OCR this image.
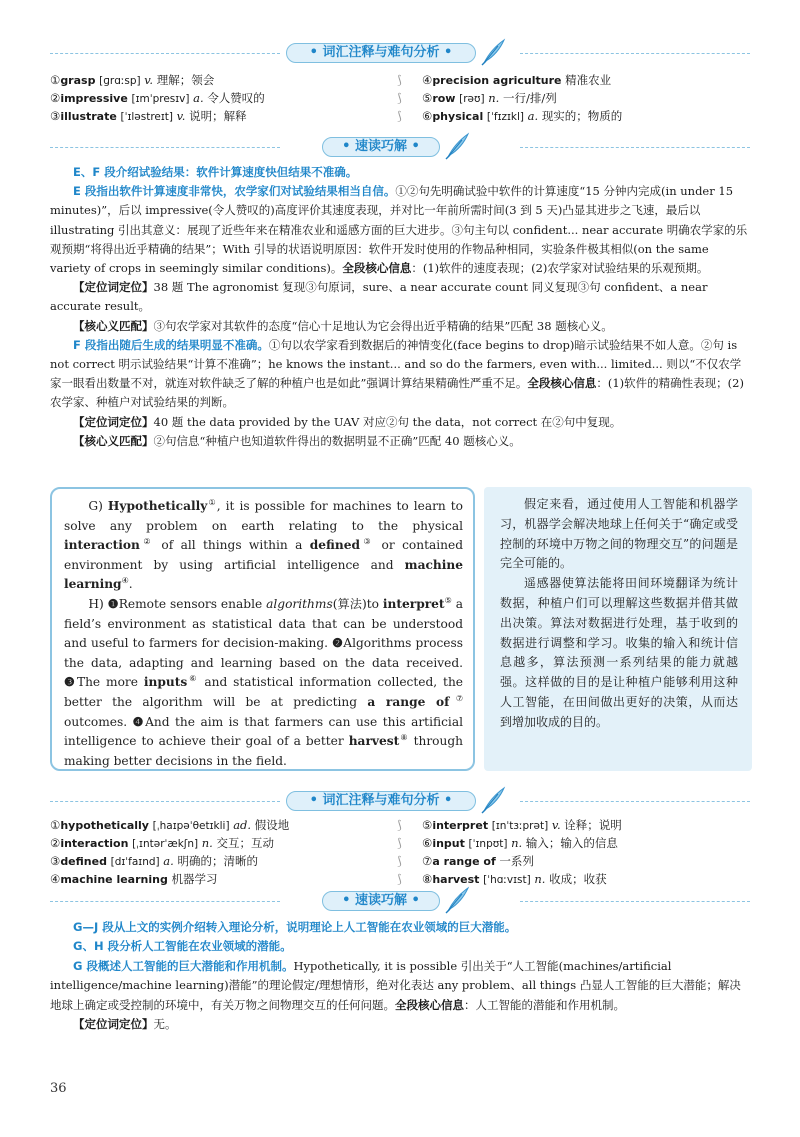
• 词汇注释与难句分析 •
①grasp [ɡrɑːsp] v. 理解；领会	⟆ ④precision agriculture 精准农业
②impressive [ɪmˈpresɪv] a. 令人赞叹的	⟆ ⑤row [rəʊ] n. 一行/排/列
③illustrate [ˈɪləstreɪt] v. 说明；解释	⟆ ⑥physical [ˈfɪzɪkl] a. 现实的；物质的
• 速读巧解 •

E、F 段介绍试验结果：软件计算速度快但结果不准确。

E 段指出软件计算速度非常快，农学家们对试验结果相当自信。①②句先明确试验中软件的计算速度“15 分钟内完成(in under 15 minutes)”，后以 impressive(令人赞叹的)高度评价其速度表现，并对比一年前所需时间(3 到 5 天)凸显其进步之飞速，最后以 illustrating 引出其意义：展现了近些年来在精准农业和遥感方面的巨大进步。③句主句以 confident... near accurate 明确农学家的乐观预期“将得出近乎精确的结果”；With 引导的状语说明原因：软件开发时使用的作物品种相同，实验条件极其相似(on the same variety of crops in seemingly similar conditions)。全段核心信息：(1)软件的速度表现；(2)农学家对试验结果的乐观预期。

【定位词定位】38 题 The agronomist 复现③句原词，sure、a near accurate count 同义复现③句 confident、a near accurate result。

【核心义匹配】③句农学家对其软件的态度“信心十足地认为它会得出近乎精确的结果”匹配 38 题核心义。

F 段指出随后生成的结果明显不准确。①句以农学家看到数据后的神情变化(face begins to drop)暗示试验结果不如人意。②句 is not correct 明示试验结果“计算不准确”；he knows the instant... and so do the farmers, even with... limited... 则以“不仅农学家一眼看出数量不对，就连对软件缺乏了解的种植户也是如此”强调计算结果精确性严重不足。全段核心信息：(1)软件的精确性表现；(2)农学家、种植户对试验结果的判断。

【定位词定位】40 题 the data provided by the UAV 对应②句 the data，not correct 在②句中复现。

【核心义匹配】②句信息“种植户也知道软件得出的数据明显不正确”匹配 40 题核心义。

G) Hypothetically①, it is possible for machines to learn to solve any problem on earth relating to the physical interaction② of all things within a defined③ or contained environment by using artificial intelligence and machine learning④.

H) ❶Remote sensors enable algorithms(算法)to interpret⑤ a field’s environment as statistical data that can be understood and useful to farmers for decision-making. ❷Algorithms process the data, adapting and learning based on the data received. ❸The more inputs⑥ and statistical information collected, the better the algorithm will be at predicting a range of⑦ outcomes. ❹And the aim is that farmers can use this artificial intelligence to achieve their goal of a better harvest⑧ through making better decisions in the field.

假定来看，通过使用人工智能和机器学习，机器学会解决地球上任何关于“确定或受控制的环境中万物之间的物理交互”的问题是完全可能的。

遥感器使算法能将田间环境翻译为统计数据，种植户们可以理解这些数据并借其做出决策。算法对数据进行处理，基于收到的数据进行调整和学习。收集的输入和统计信息越多，算法预测一系列结果的能力就越强。这样做的目的是让种植户能够利用这种人工智能，在田间做出更好的决策，从而达到增加收成的目的。

• 词汇注释与难句分析 •
①hypothetically [ˌhaɪpəˈθetɪkli] ad. 假设地	⟆ ⑤interpret [ɪnˈtɜːprət] v. 诠释；说明
②interaction [ˌɪntərˈækʃn] n. 交互；互动	⟆ ⑥input [ˈɪnpʊt] n. 输入；输入的信息
③defined [dɪˈfaɪnd] a. 明确的；清晰的	⟆ ⑦a range of 一系列
④machine learning 机器学习	⟆ ⑧harvest [ˈhɑːvɪst] n. 收成；收获
• 速读巧解 •

G—J 段从上文的实例介绍转入理论分析，说明理论上人工智能在农业领域的巨大潜能。

G、H 段分析人工智能在农业领域的潜能。

G 段概述人工智能的巨大潜能和作用机制。Hypothetically, it is possible 引出关于“人工智能(machines/artificial intelligence/machine learning)潜能”的理论假定/理想情形，绝对化表达 any problem、all things 凸显人工智能的巨大潜能；解决地球上确定或受控制的环境中，有关万物之间物理交互的任何问题。全段核心信息：人工智能的潜能和作用机制。

【定位词定位】无。

36
